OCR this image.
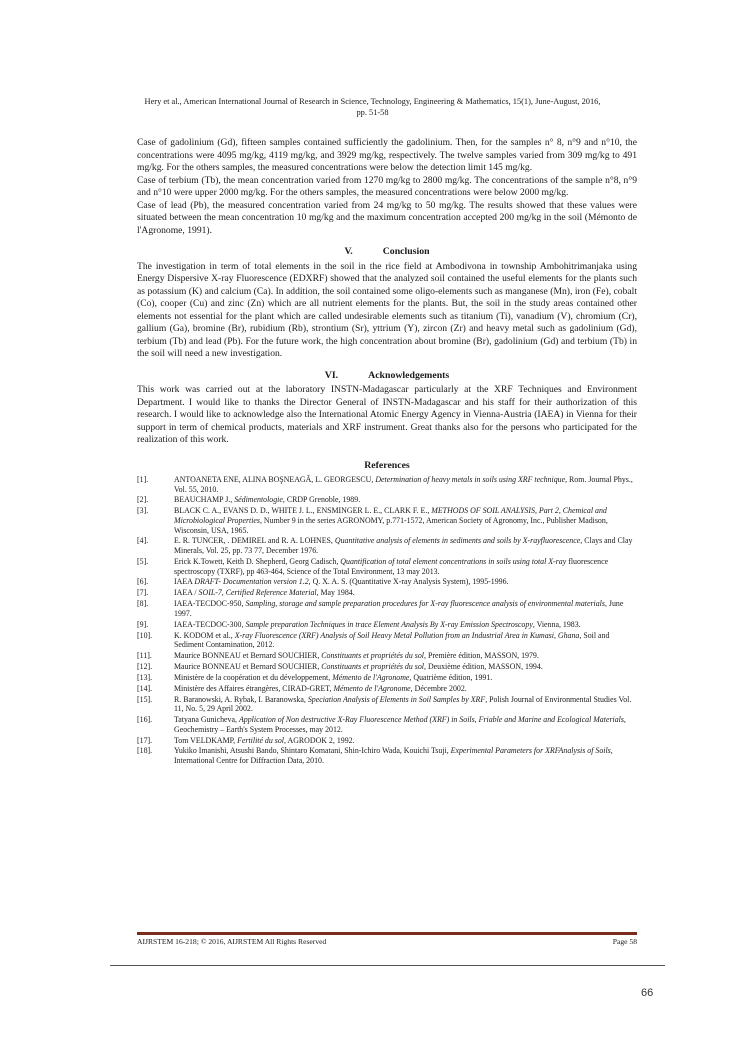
Hery et al., American International Journal of Research in Science, Technology, Engineering & Mathematics, 15(1), June-August, 2016,
pp. 51-58

Case of gadolinium (Gd), fifteen samples contained sufficiently the gadolinium. Then, for the samples n° 8, n°9 and n°10, the concentrations were 4095 mg/kg, 4119 mg/kg, and 3929 mg/kg, respectively. The twelve samples varied from 309 mg/kg to 491 mg/kg. For the others samples, the measured concentrations were below the detection limit 145 mg/kg.

Case of terbium (Tb), the mean concentration varied from 1270 mg/kg to 2800 mg/kg. The concentrations of the sample n°8, n°9 and n°10 were upper 2000 mg/kg. For the others samples, the measured concentrations were below 2000 mg/kg.

Case of lead (Pb), the measured concentration varied from 24 mg/kg to 50 mg/kg. The results showed that these values were situated between the mean concentration 10 mg/kg and the maximum concentration accepted 200 mg/kg in the soil (Mémonto de l'Agronome, 1991).

V.	Conclusion

The investigation in term of total elements in the soil in the rice field at Ambodivona in township Ambohitrimanjaka using Energy Dispersive X-ray Fluorescence (EDXRF) showed that the analyzed soil contained the useful elements for the plants such as potassium (K) and calcium (Ca). In addition, the soil contained some oligo-elements such as manganese (Mn), iron (Fe), cobalt (Co), cooper (Cu) and zinc (Zn) which are all nutrient elements for the plants. But, the soil in the study areas contained other elements not essential for the plant which are called undesirable elements such as titanium (Ti), vanadium (V), chromium (Cr), gallium (Ga), bromine (Br), rubidium (Rb), strontium (Sr), yttrium (Y), zircon (Zr) and heavy metal such as gadolinium (Gd), terbium (Tb) and lead (Pb). For the future work, the high concentration about bromine (Br), gadolinium (Gd) and terbium (Tb) in the soil will need a new investigation.

VI.	Acknowledgements

This work was carried out at the laboratory INSTN-Madagascar particularly at the XRF Techniques and Environment Department. I would like to thanks the Director General of INSTN-Madagascar and his staff for their authorization of this research. I would like to acknowledge also the International Atomic Energy Agency in Vienna-Austria (IAEA) in Vienna for their support in term of chemical products, materials and XRF instrument. Great thanks also for the persons who participated for the realization of this work.

References
[1].	ANTOANETA ENE, ALINA BOŞNEAGĂ, L. GEORGESCU, Determination of heavy metals in soils using XRF technique, Rom. Journal Phys., Vol. 55, 2010.
[2].	BEAUCHAMP J., Sédimentologie, CRDP Grenoble, 1989.
[3].	BLACK C. A., EVANS D. D., WHITE J. L., ENSMINGER L. E., CLARK F. E., METHODS OF SOIL ANALYSIS, Part 2, Chemical and Microbiological Properties, Number 9 in the series AGRONOMY, p.771-1572, American Society of Agronomy, Inc., Publisher Madison, Wisconsin, USA, 1965.
[4].	E. R. TUNCER, . DEMIREL and R. A. LOHNES, Quantitative analysis of elements in sediments and soils by X-rayfluorescence, Clays and Clay Minerals, Vol. 25, pp. 73 77, December 1976.
[5].	Erick K.Towett, Keith D. Shepherd, Georg Cadisch, Quantification of total element concentrations in soils using total X-ray fluorescence spectroscopy (TXRF), pp 463-464, Science of the Total Environment, 13 may 2013.
[6].	IAEA DRAFT- Documentation version 1.2, Q. X. A. S. (Quantitative X-ray Analysis System), 1995-1996.
[7].	IAEA / SOIL-7, Certified Reference Material, May 1984.
[8].	IAEA-TECDOC-950, Sampling, storage and sample preparation procedures for X-ray fluorescence analysis of environmental materials, June 1997.
[9].	IAEA-TECDOC-300, Sample preparation Techniques in trace Element Analysis By X-ray Emission Spectroscopy, Vienna, 1983.
[10].	K. KODOM et al., X-ray Fluorescence (XRF) Analysis of Soil Heavy Metal Pollution from an Industrial Area in Kumasi, Ghana, Soil and Sediment Contamination, 2012.
[11].	Maurice BONNEAU et Bernard SOUCHIER, Constituants et propriétés du sol, Première édition, MASSON, 1979.
[12].	Maurice BONNEAU et Bernard SOUCHIER, Constituants et propriétés du sol, Deuxième édition, MASSON, 1994.
[13].	Ministère de la coopération et du développement, Mémento de l'Agronome, Quatrième édition, 1991.
[14].	Ministère des Affaires étrangères, CIRAD-GRET, Mémento de l'Agronome, Décembre 2002.
[15].	R. Baranowski, A. Rybak, I. Baranowska, Speciation Analysis of Elements in Soil Samples by XRF, Polish Journal of Environmental Studies Vol. 11, No. 5, 29 April 2002.
[16].	Tatyana Gunicheva, Application of Non destructive X-Ray Fluorescence Method (XRF) in Soils, Friable and Marine and Ecological Materials, Geochemistry – Earth's System Processes, may 2012.
[17].	Tom VELDKAMP, Fertilité du sol, AGRODOK 2, 1992.
[18].	Yukiko Imanishi, Atsushi Bando, Shintaro Komatani, Shin-Ichiro Wada, Kouichi Tsuji, Experimental Parameters for XRFAnalysis of Soils, International Centre for Diffraction Data, 2010.
AIJRSTEM 16-218; © 2016, AIJRSTEM All Rights Reserved	Page 58
66
